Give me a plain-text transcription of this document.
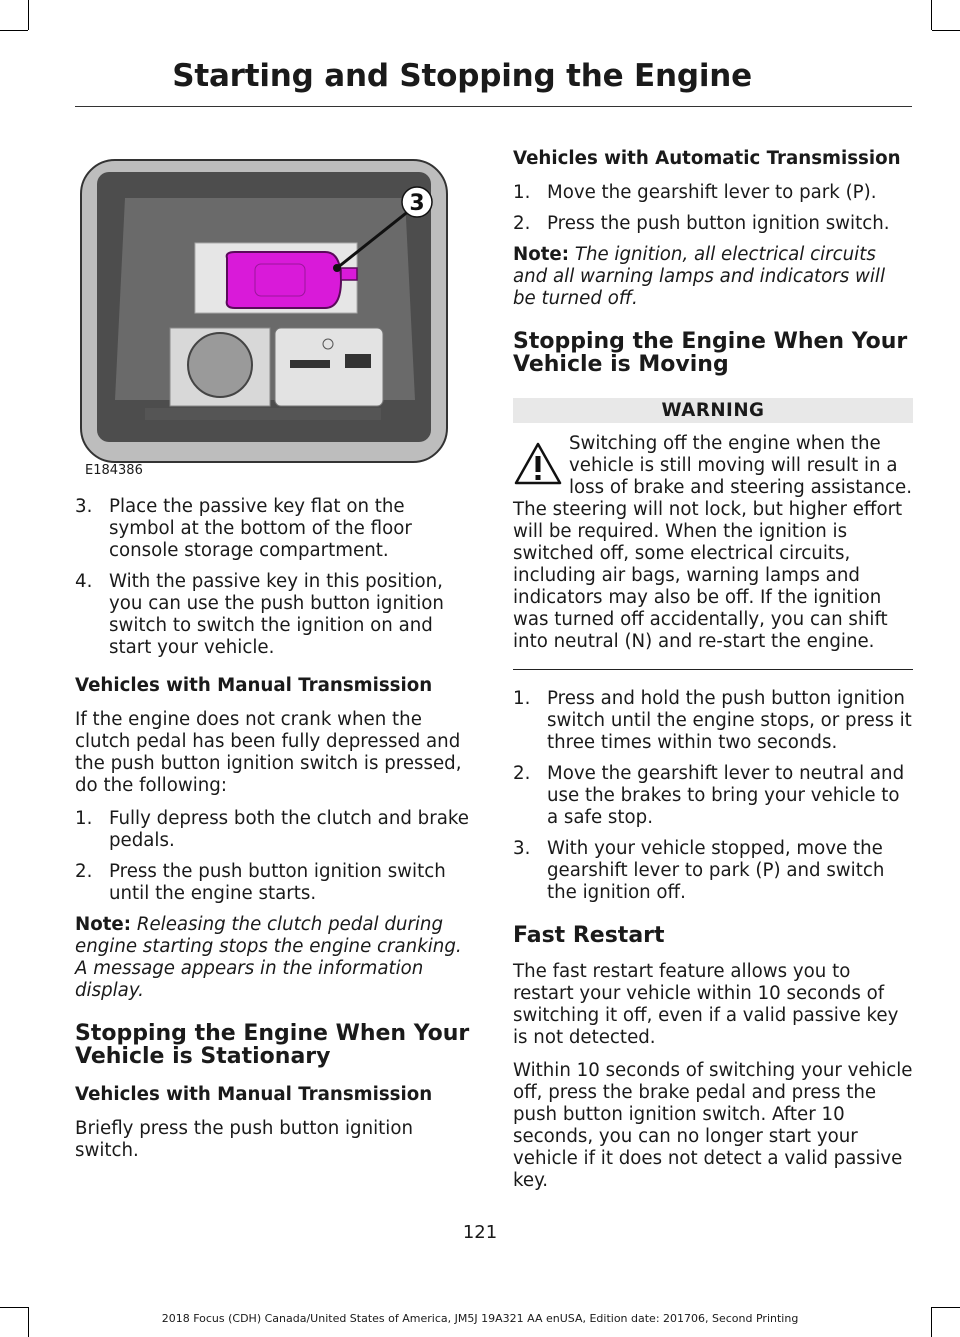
Starting and Stopping the Engine
3
E184386
3. Place the passive key flat on the symbol at the bottom of the floor console storage compartment.
4. With the passive key in this position, you can use the push button ignition switch to switch the ignition on and start your vehicle.
Vehicles with Manual Transmission

If the engine does not crank when the clutch pedal has been fully depressed and the push button ignition switch is pressed, do the following:

1. Fully depress both the clutch and brake pedals.
2. Press the push button ignition switch until the engine starts.

Note: Releasing the clutch pedal during engine starting stops the engine cranking. A message appears in the information display.

Stopping the Engine When Your Vehicle is Stationary
Vehicles with Manual Transmission

Briefly press the push button ignition switch.

Vehicles with Automatic Transmission
1. Move the gearshift lever to park (P).
2. Press the push button ignition switch.

Note: The ignition, all electrical circuits and all warning lamps and indicators will be turned off.

Stopping the Engine When Your Vehicle is Moving
WARNING

Switching off the engine when the vehicle is still moving will result in a loss of brake and steering assistance. The steering will not lock, but higher effort will be required. When the ignition is switched off, some electrical circuits, including air bags, warning lamps and indicators may also be off. If the ignition was turned off accidentally, you can shift into neutral (N) and re-start the engine.

1. Press and hold the push button ignition switch until the engine stops, or press it three times within two seconds.
2. Move the gearshift lever to neutral and use the brakes to bring your vehicle to a safe stop.
3. With your vehicle stopped, move the gearshift lever to park (P) and switch the ignition off.
Fast Restart

The fast restart feature allows you to restart your vehicle within 10 seconds of switching it off, even if a valid passive key is not detected.

Within 10 seconds of switching your vehicle off, press the brake pedal and press the push button ignition switch. After 10 seconds, you can no longer start your vehicle if it does not detect a valid passive key.

121
2018 Focus (CDH) Canada/United States of America, JM5J 19A321 AA enUSA, Edition date: 201706, Second Printing
